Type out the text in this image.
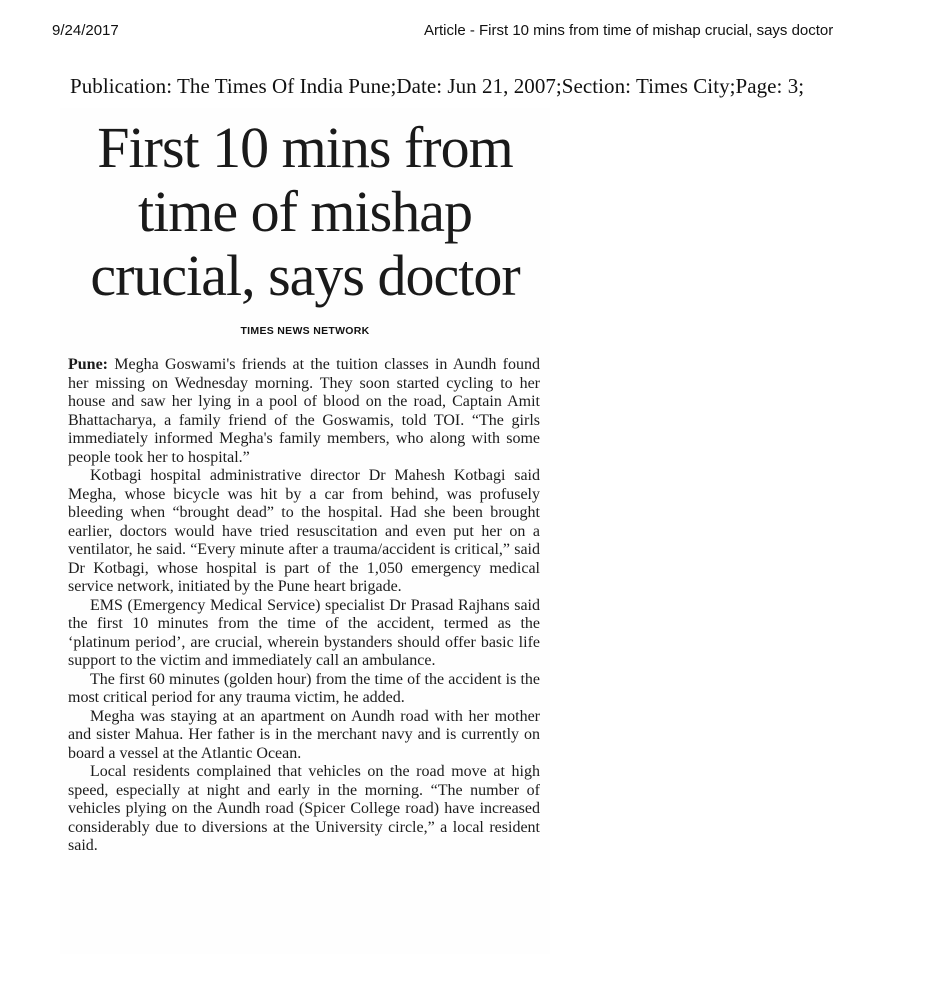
9/24/2017	Article - First 10 mins from time of mishap crucial, says doctor
Publication: The Times Of India Pune;Date: Jun 21, 2007;Section: Times City;Page: 3;
First 10 mins from time of mishap crucial, says doctor
TIMES NEWS NETWORK

Pune: Megha Goswami's friends at the tuition classes in Aundh found her missing on Wednesday morning. They soon started cycling to her house and saw her lying in a pool of blood on the road, Captain Amit Bhattacharya, a family friend of the Goswamis, told TOI. “The girls immediately informed Megha's family members, who along with some people took her to hospital.”

Kotbagi hospital administrative director Dr Mahesh Kotbagi said Megha, whose bicycle was hit by a car from behind, was profusely bleeding when “brought dead” to the hospital. Had she been brought earlier, doctors would have tried resuscitation and even put her on a ventilator, he said. “Every minute after a trauma/accident is critical,” said Dr Kotbagi, whose hospital is part of the 1,050 emergency medical service network, initiated by the Pune heart brigade.

EMS (Emergency Medical Service) specialist Dr Prasad Rajhans said the first 10 minutes from the time of the accident, termed as the ‘platinum period’, are crucial, wherein bystanders should offer basic life support to the victim and immediately call an ambulance.

The first 60 minutes (golden hour) from the time of the accident is the most critical period for any trauma victim, he added.

Megha was staying at an apartment on Aundh road with her mother and sister Mahua. Her father is in the merchant navy and is currently on board a vessel at the Atlantic Ocean.

Local residents complained that vehicles on the road move at high speed, especially at night and early in the morning. “The number of vehicles plying on the Aundh road (Spicer College road) have increased considerably due to diversions at the University circle,” a local resident said.
